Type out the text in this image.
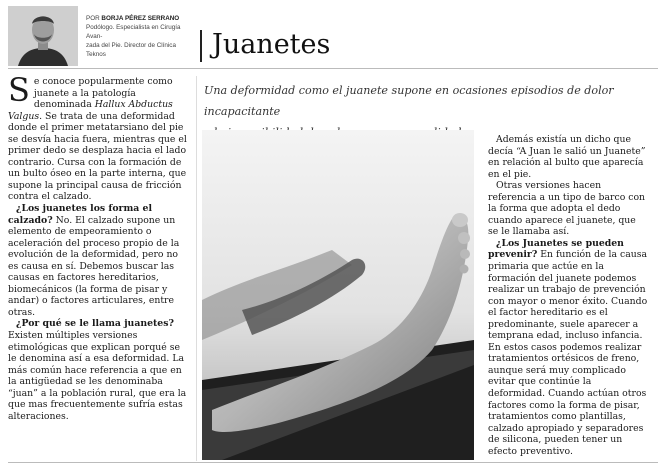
POR BORJA PÉREZ SERRANO
Podólogo. Especialista en Cirugía Avan-
zada del Pie. Director de Clínica Teknos	Juanetes

Se conoce popularmente como juanete a la patología denominada Hallux Abductus Valgus. Se trata de una deformidad donde el primer metatarsiano del pie se desvía hacia fuera, mientras que el primer dedo se desplaza hacia el lado contrario. Cursa con la formación de un bulto óseo en la parte interna, que supone la principal causa de fricción contra el calzado.

¿Los juanetes los forma el calzado? No. El calzado supone un elemento de empeoramiento o aceleración del proceso propio de la evolución de la deformidad, pero no es causa en sí. Debemos buscar las causas en factores hereditarios, biomecánicos (la forma de pisar y andar) o factores articulares, entre otras.

¿Por qué se le llama juanetes? Existen múltiples versiones etimológicas que explican porqué se le denomina así a esa deformidad. La más común hace referencia a que en la antigüedad se les denominaba “juan” a la población rural, que era la que mas frecuentemente sufría estas alteraciones.

Una deformidad como el juanete supone en ocasiones episodios de dolor incapacitante

Además existía un dicho que decía “A Juan le salió un Juanete” en relación al bulto que aparecía en el pie.

Otras versiones hacen referencia a un tipo de barco con la forma que adopta el dedo cuando aparece el juanete, que se le llamaba así.

¿Los Juanetes se pueden prevenir? En función de la causa primaria que actúe en la formación del juanete podemos realizar un trabajo de prevención con mayor o menor éxito. Cuando el factor hereditario es el predominante, suele aparecer a temprana edad, incluso infancia. En estos casos podemos realizar tratamientos ortésicos de freno, aunque será muy complicado evitar que continúe la deformidad. Cuando actúan otros factores como la forma de pisar, tratamientos como plantillas, calzado apropiado y separadores de silicona, pueden tener un efecto preventivo.
